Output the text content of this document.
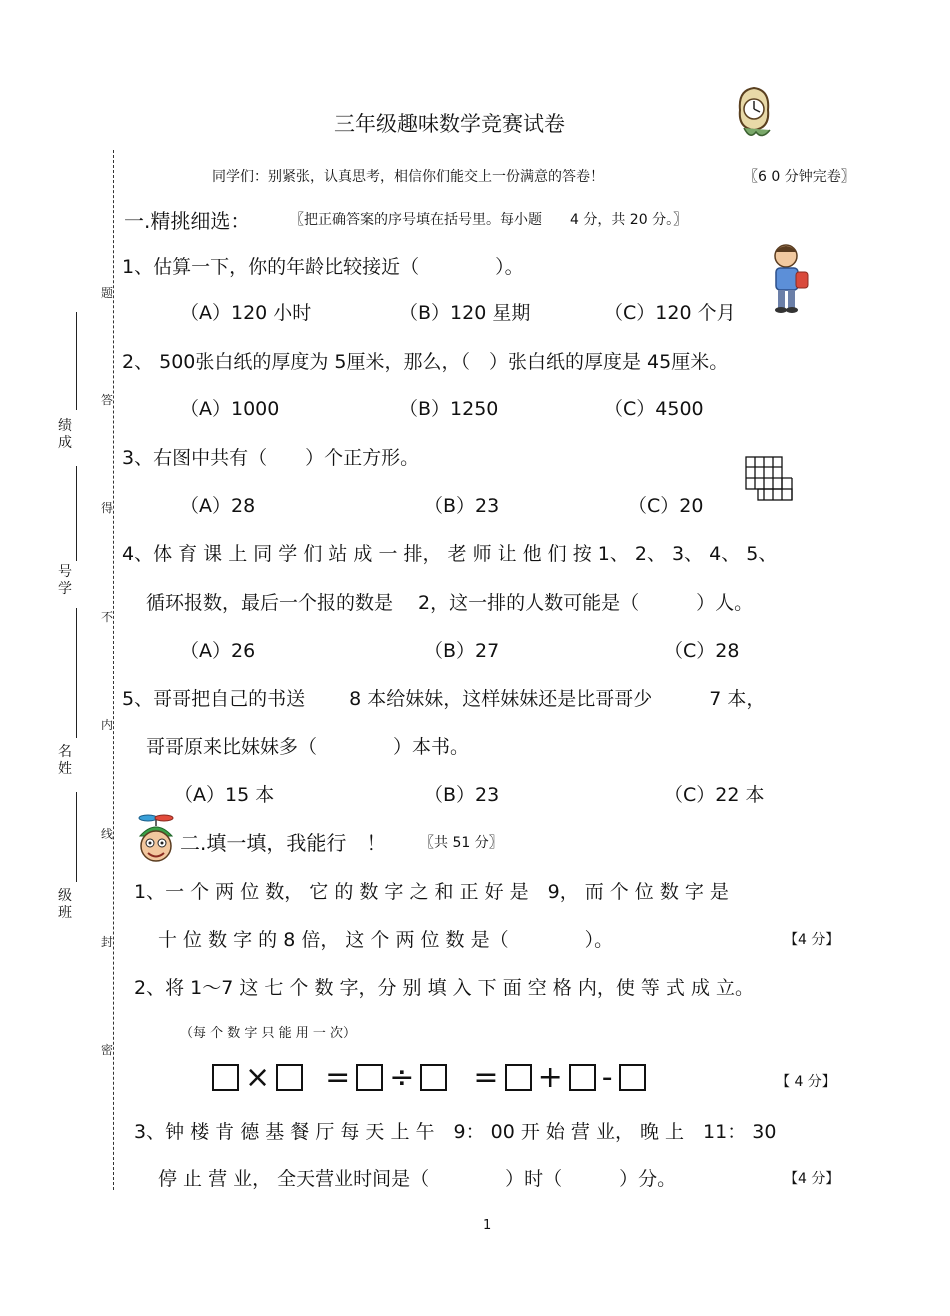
三年级趣味数学竞赛试卷
同学们：别紧张，认真思考，相信你们能交上一份满意的答卷！	〖6 0 分钟完卷〗
题
答
得
不
内
线
封
密
绩成
号学
名姓
级班
一.精挑细选：	〖把正确答案的序号填在括号里。每小题　　4 分，共 20 分。〗
1、估算一下，你的年龄比较接近（　　　　）。
（A）120 小时	（B）120 星期	（C）120 个月
2、 500张白纸的厚度为 5厘米，那么，（　）张白纸的厚度是 45厘米。
（A）1000	（B）1250	（C）4500
3、右图中共有（　　）个正方形。
（A）28	（B）23	（C）20
4、体 育 课 上 同 学 们 站 成 一 排， 老 师 让 他 们 按 1、 2、 3、 4、 5、
循环报数，最后一个报的数是　 2，这一排的人数可能是（　　　）人。
（A）26	（B）27	（C）28
5、哥哥把自己的书送　　 8 本给妹妹，这样妹妹还是比哥哥少　　　7 本，
哥哥原来比妹妹多（　　　　）本书。
（A）15 本	（B）23	（C）22 本
二.填一填，我能行　！ 〖共 51 分〗
1、一 个 两 位 数， 它 的 数 字 之 和 正 好 是　9， 而 个 位 数 字 是
十 位 数 字 的 8 倍， 这 个 两 位 数 是（　　　　）。	【4 分】
2、将 1～7 这 七 个 数 字，分 别 填 入 下 面 空 格 内，使 等 式 成 立。
（每 个 数 字 只 能 用 一 次）
× = ÷ = + -	【 4 分】
3、钟 楼 肯 德 基 餐 厅 每 天 上 午　9： 00 开 始 营 业， 晚 上　11： 30
停 止 营 业， 全天营业时间是（　　　　）时（　　　）分。	【4 分】
1
